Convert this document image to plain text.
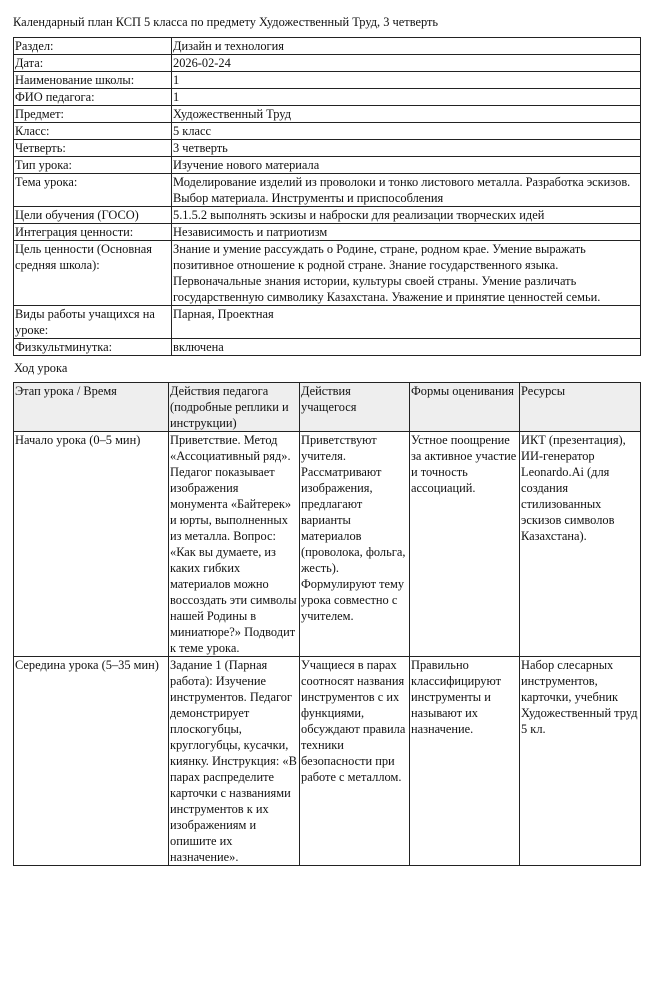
Календарный план КСП 5 класса по предмету Художественный Труд, 3 четверть
Раздел:	Дизайн и технология
Дата:	2026-02-24
Наименование школы:	1
ФИО педагога:	1
Предмет:	Художественный Труд
Класс:	5 класс
Четверть:	3 четверть
Тип урока:	Изучение нового материала
Тема урока:	Моделирование изделий из проволоки и тонко листового металла. Разработка эскизов. Выбор материала. Инструменты и приспособления
Цели обучения (ГОСО)	5.1.5.2 выполнять эскизы и наброски для реализации творческих идей
Интеграция ценности:	Независимость и патриотизм
Цель ценности (Основная средняя школа):	Знание и умение рассуждать о Родине, стране, родном крае. Умение выражать позитивное отношение к родной стране. Знание государственного языка. Первоначальные знания истории, культуры своей страны. Умение различать государственную символику Казахстана. Уважение и принятие ценностей семьи.
Виды работы учащихся на уроке:	Парная, Проектная
Физкультминутка:	включена
Ход урока
Этап урока / Время	Действия педагога (подробные реплики и инструкции)	Действия учащегося	Формы оценивания	Ресурсы
Начало урока (0–5 мин)	Приветствие. Метод «Ассоциативный ряд». Педагог показывает изображения монумента «Байтерек» и юрты, выполненных из металла. Вопрос: «Как вы думаете, из каких гибких материалов можно воссоздать эти символы нашей Родины в миниатюре?» Подводит к теме урока.	Приветствуют учителя. Рассматривают изображения, предлагают варианты материалов (проволока, фольга, жесть). Формулируют тему урока совместно с учителем.	Устное поощрение за активное участие и точность ассоциаций.	ИКТ (презентация), ИИ-генератор Leonardo.Ai (для создания стилизованных эскизов символов Казахстана).
Середина урока (5–35 мин)	Задание 1 (Парная работа): Изучение инструментов. Педагог демонстрирует плоскогубцы, круглогубцы, кусачки, киянку. Инструкция: «В парах распределите карточки с названиями инструментов к их изображениям и опишите их назначение».	Учащиеся в парах соотносят названия инструментов с их функциями, обсуждают правила техники безопасности при работе с металлом.	Правильно классифицируют инструменты и называют их назначение.	Набор слесарных инструментов, карточки, учебник Художественный труд 5 кл.
